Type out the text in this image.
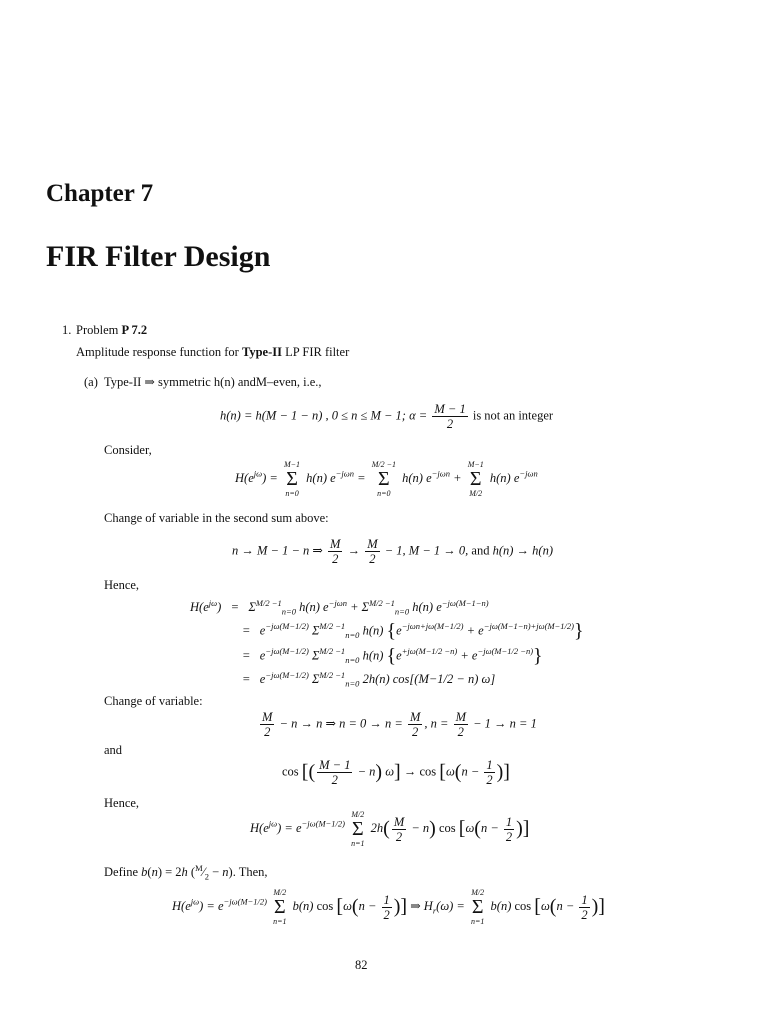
Chapter 7
FIR Filter Design
1. Problem P 7.2
Amplitude response function for Type-II LP FIR filter
(a) Type-II ⇒ symmetric h(n) andM–even, i.e.,
h(n) = h(M − 1 − n) , 0 ≤ n ≤ M − 1; $\alpha = \frac{M - 1}{2}$ is not an integer
Consider,
$H(e^{j\omega})$ =
M−1
Σ
n=0
h(n) $e^{-j\omega n}$ =
M/2 −1
Σ
n=0
h(n) $e^{-j\omega n}$ +
M−1
Σ
M/2
h(n) $e^{-j\omega n}$
Change of variable in the second sum above:
n → M − 1 − n ⇒ $\frac{M}{2} \to \frac{M}{2} - 1$, M − 1 → 0, and h(n) → h(n)
Hence,
$H(e^{j\omega}) = \Sigma^{M/2 -1}_{n=0}$ h(n) $e^{-j\omega n} + \Sigma^{M/2 -1}_{n=0}$ h(n) $e^{-j\omega(M-1-n)}$
=   $e^{-j\omega(M-1/2)}$ $\Sigma^{M/2 -1}_{n=0}$ h(n) $\{e^{-j\omega n+j\omega(M-1/2)} + e^{-j\omega(M-1-n)+j\omega(M-1/2)}\}$
=   $e^{-j\omega(M-1/2)}$ $\Sigma^{M/2 -1}_{n=0}$ h(n) $\{e^{+j\omega(M-1/2 -n)} + e^{-j\omega(M-1/2 -n)}\}$
=   $e^{-j\omega(M-1/2)}$ $\Sigma^{M/2 -1}_{n=0}$ 2h(n) cos[(M−1/2 − n) ω]
Change of variable:
$\frac{M}{2} - n \to n$ ⇒ $n = 0 \to n = \frac{M}{2}$ , $n = \frac{M}{2} - 1 \to n = 1$
and
cos [( $\frac{M - 1}{2} - n$) $\omega] \to \cos [\omega(n - \frac{1}{2}$ )]
Hence,
$H(e^{j\omega}) = e^{-j\omega(M-1/2)}$
M/2
Σ
n=1
$2h( \frac{M}{2} - n)$ $\cos [\omega(n - \frac{1}{2}$ )]
Define b(n) = 2h $(^M⁄_2 - n)$. Then,
$H(e^{j\omega}) = e^{-j\omega(M-1/2)}$
M/2
Σ
n=1
b(n) $\cos [\omega(n - \frac{1}{2}$ )] ⇒ $H_r(\omega)$ =
M/2
Σ
n=1
b(n) $\cos [\omega(n - \frac{1}{2}$ )]
82
